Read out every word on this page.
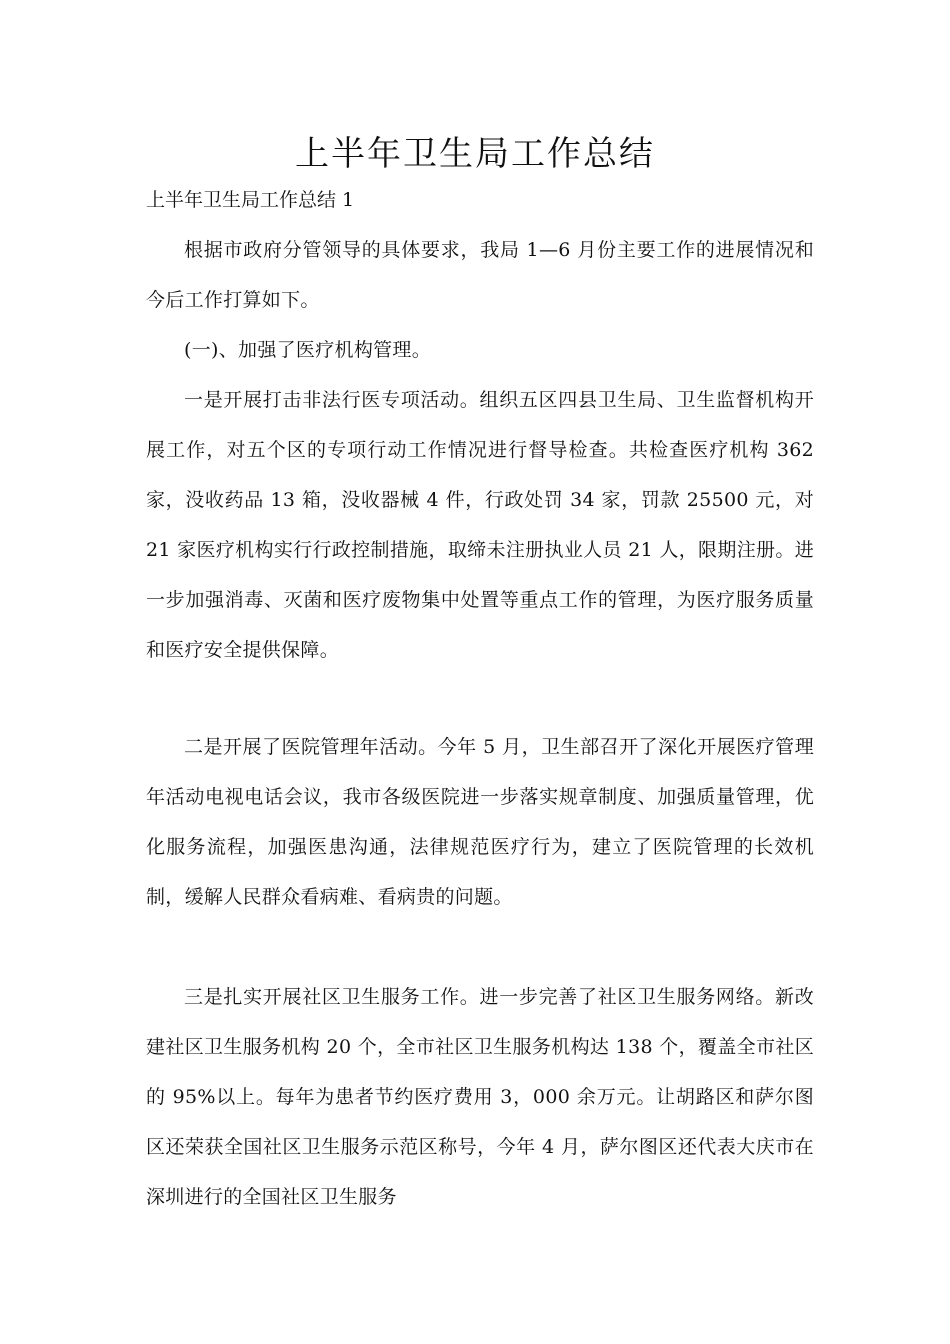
上半年卫生局工作总结

上半年卫生局工作总结 1

根据市政府分管领导的具体要求，我局 1—6 月份主要工作的进展情况和今后工作打算如下。

(一)、加强了医疗机构管理。

一是开展打击非法行医专项活动。组织五区四县卫生局、卫生监督机构开展工作，对五个区的专项行动工作情况进行督导检查。共检查医疗机构 362 家，没收药品 13 箱，没收器械 4 件，行政处罚 34 家，罚款 25500 元，对 21 家医疗机构实行行政控制措施，取缔未注册执业人员 21 人，限期注册。进一步加强消毒、灭菌和医疗废物集中处置等重点工作的管理，为医疗服务质量和医疗安全提供保障。

二是开展了医院管理年活动。今年 5 月，卫生部召开了深化开展医疗管理年活动电视电话会议，我市各级医院进一步落实规章制度、加强质量管理，优化服务流程，加强医患沟通，法律规范医疗行为，建立了医院管理的长效机制，缓解人民群众看病难、看病贵的问题。

三是扎实开展社区卫生服务工作。进一步完善了社区卫生服务网络。新改建社区卫生服务机构 20 个，全市社区卫生服务机构达 138 个，覆盖全市社区的 95%以上。每年为患者节约医疗费用 3，000 余万元。让胡路区和萨尔图区还荣获全国社区卫生服务示范区称号，今年 4 月，萨尔图区还代表大庆市在深圳进行的全国社区卫生服务
